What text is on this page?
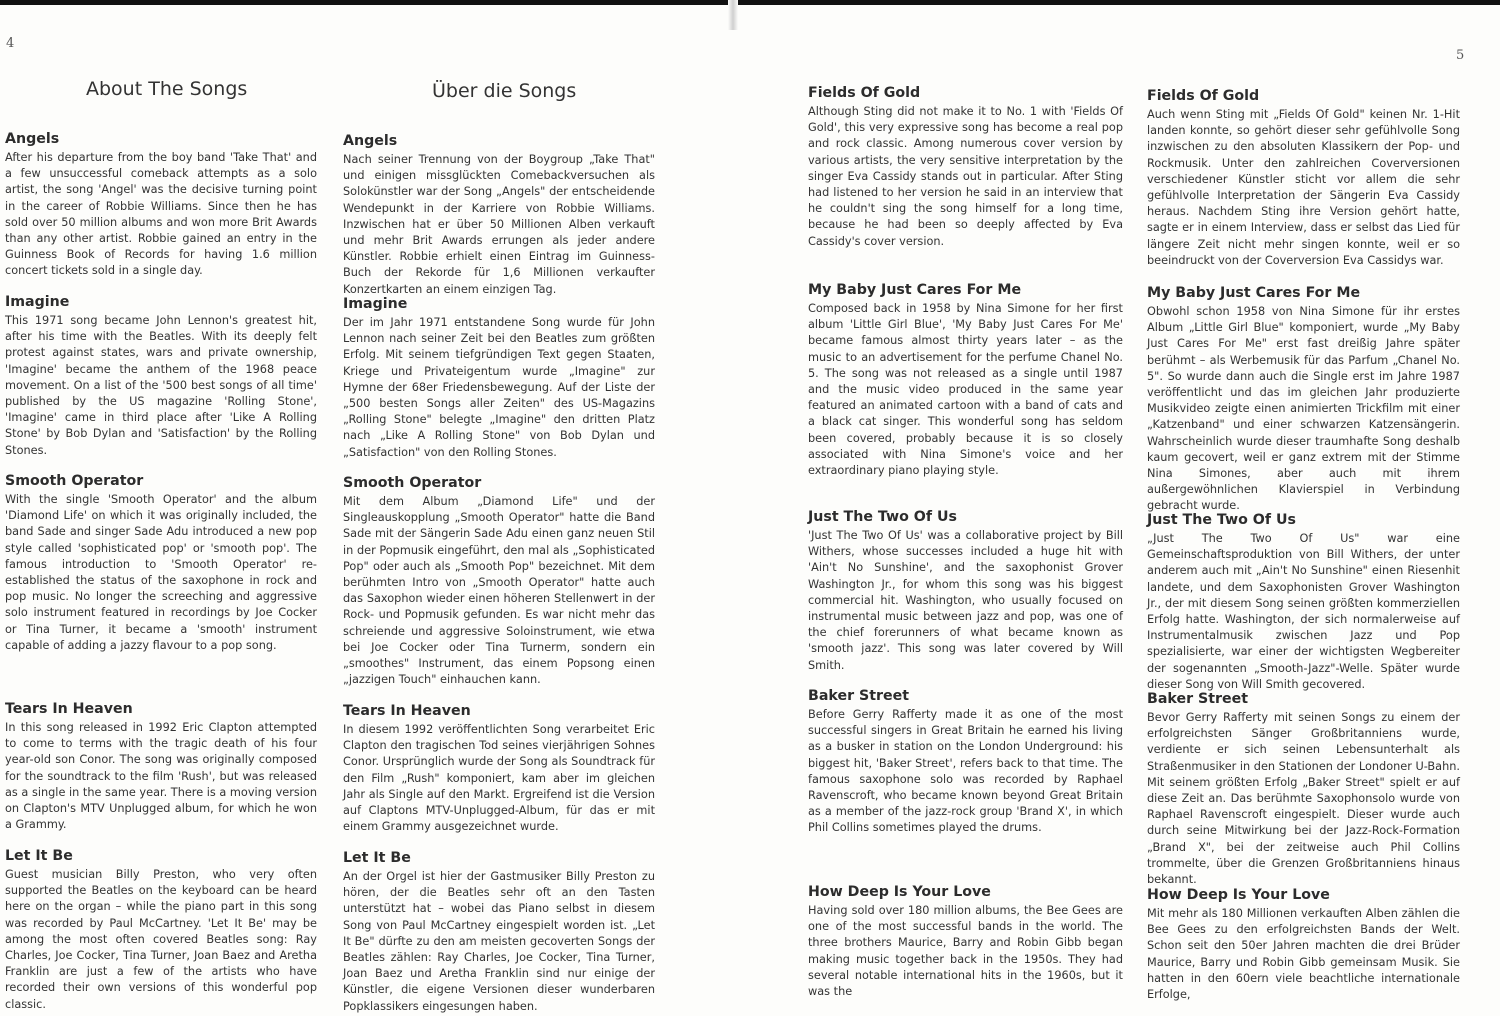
4
5
About The Songs
Angels

After his departure from the boy band 'Take That' and a few unsuccessful comeback attempts as a solo artist, the song 'Angel' was the decisive turning point in the career of Robbie Williams. Since then he has sold over 50 million albums and won more Brit Awards than any other artist. Robbie gained an entry in the Guinness Book of Records for having 1.6 million concert tickets sold in a single day.

Imagine

This 1971 song became John Lennon's greatest hit, after his time with the Beatles. With its deeply felt protest against states, wars and private ownership, 'Imagine' became the anthem of the 1968 peace movement. On a list of the '500 best songs of all time' published by the US magazine 'Rolling Stone', 'Imagine' came in third place after 'Like A Rolling Stone' by Bob Dylan and 'Satisfaction' by the Rolling Stones.

Smooth Operator

With the single 'Smooth Operator' and the album 'Diamond Life' on which it was originally included, the band Sade and singer Sade Adu introduced a new pop style called 'sophisticated pop' or 'smooth pop'. The famous introduction to 'Smooth Operator' re-established the status of the saxophone in rock and pop music. No longer the screeching and aggressive solo instrument featured in recordings by Joe Cocker or Tina Turner, it became a 'smooth' instrument capable of adding a jazzy flavour to a pop song.

Tears In Heaven

In this song released in 1992 Eric Clapton attempted to come to terms with the tragic death of his four year-old son Conor. The song was originally composed for the soundtrack to the film 'Rush', but was released as a single in the same year. There is a moving version on Clapton's MTV Unplugged album, for which he won a Grammy.

Let It Be

Guest musician Billy Preston, who very often supported the Beatles on the keyboard can be heard here on the organ – while the piano part in this song was recorded by Paul McCartney. 'Let It Be' may be among the most often covered Beatles song: Ray Charles, Joe Cocker, Tina Turner, Joan Baez and Aretha Franklin are just a few of the artists who have recorded their own versions of this wonderful pop classic.

Über die Songs
Angels

Nach seiner Trennung von der Boygroup „Take That" und einigen missglückten Comebackversuchen als Solokünstler war der Song „Angels" der entscheidende Wendepunkt in der Karriere von Robbie Williams. Inzwischen hat er über 50 Millionen Alben verkauft und mehr Brit Awards errungen als jeder andere Künstler. Robbie erhielt einen Eintrag im Guinness-Buch der Rekorde für 1,6 Millionen verkaufter Konzertkarten an einem einzigen Tag.

Imagine

Der im Jahr 1971 entstandene Song wurde für John Lennon nach seiner Zeit bei den Beatles zum größten Erfolg. Mit seinem tiefgründigen Text gegen Staaten, Kriege und Privateigentum wurde „Imagine" zur Hymne der 68er Friedensbewegung. Auf der Liste der „500 besten Songs aller Zeiten" des US-Magazins „Rolling Stone" belegte „Imagine" den dritten Platz nach „Like A Rolling Stone" von Bob Dylan und „Satisfaction" von den Rolling Stones.

Smooth Operator

Mit dem Album „Diamond Life" und der Singleauskopplung „Smooth Operator" hatte die Band Sade mit der Sängerin Sade Adu einen ganz neuen Stil in der Popmusik eingeführt, den mal als „Sophisticated Pop" oder auch als „Smooth Pop" bezeichnet. Mit dem berühmten Intro von „Smooth Operator" hatte auch das Saxophon wieder einen höheren Stellenwert in der Rock- und Popmusik gefunden. Es war nicht mehr das schreiende und aggressive Soloinstrument, wie etwa bei Joe Cocker oder Tina Turnerm, sondern ein „smoothes" Instrument, das einem Popsong einen „jazzigen Touch" einhauchen kann.

Tears In Heaven

In diesem 1992 veröffentlichten Song verarbeitet Eric Clapton den tragischen Tod seines vierjährigen Sohnes Conor. Ursprünglich wurde der Song als Soundtrack für den Film „Rush" komponiert, kam aber im gleichen Jahr als Single auf den Markt. Ergreifend ist die Version auf Claptons MTV-Unplugged-Album, für das er mit einem Grammy ausgezeichnet wurde.

Let It Be

An der Orgel ist hier der Gastmusiker Billy Preston zu hören, der die Beatles sehr oft an den Tasten unterstützt hat – wobei das Piano selbst in diesem Song von Paul McCartney eingespielt worden ist. „Let It Be" dürfte zu den am meisten gecoverten Songs der Beatles zählen: Ray Charles, Joe Cocker, Tina Turner, Joan Baez und Aretha Franklin sind nur einige der Künstler, die eigene Versionen dieser wunderbaren Popklassikers eingesungen haben.

Fields Of Gold

Although Sting did not make it to No. 1 with 'Fields Of Gold', this very expressive song has become a real pop and rock classic. Among numerous cover version by various artists, the very sensitive interpretation by the singer Eva Cassidy stands out in particular. After Sting had listened to her version he said in an interview that he couldn't sing the song himself for a long time, because he had been so deeply affected by Eva Cassidy's cover version.

My Baby Just Cares For Me

Composed back in 1958 by Nina Simone for her first album 'Little Girl Blue', 'My Baby Just Cares For Me' became famous almost thirty years later – as the music to an advertisement for the perfume Chanel No. 5. The song was not released as a single until 1987 and the music video produced in the same year featured an animated cartoon with a band of cats and a black cat singer. This wonderful song has seldom been covered, probably because it is so closely associated with Nina Simone's voice and her extraordinary piano playing style.

Just The Two Of Us

'Just The Two Of Us' was a collaborative project by Bill Withers, whose successes included a huge hit with 'Ain't No Sunshine', and the saxophonist Grover Washington Jr., for whom this song was his biggest commercial hit. Washington, who usually focused on instrumental music between jazz and pop, was one of the chief forerunners of what became known as 'smooth jazz'. This song was later covered by Will Smith.

Baker Street

Before Gerry Rafferty made it as one of the most successful singers in Great Britain he earned his living as a busker in station on the London Underground: his biggest hit, 'Baker Street', refers back to that time. The famous saxophone solo was recorded by Raphael Ravenscroft, who became known beyond Great Britain as a member of the jazz-rock group 'Brand X', in which Phil Collins sometimes played the drums.

How Deep Is Your Love

Having sold over 180 million albums, the Bee Gees are one of the most successful bands in the world. The three brothers Maurice, Barry and Robin Gibb began making music together back in the 1950s. They had several notable international hits in the 1960s, but it was the

Fields Of Gold

Auch wenn Sting mit „Fields Of Gold" keinen Nr. 1-Hit landen konnte, so gehört dieser sehr gefühlvolle Song inzwischen zu den absoluten Klassikern der Pop- und Rockmusik. Unter den zahlreichen Coverversionen verschiedener Künstler sticht vor allem die sehr gefühlvolle Interpretation der Sängerin Eva Cassidy heraus. Nachdem Sting ihre Version gehört hatte, sagte er in einem Interview, dass er selbst das Lied für längere Zeit nicht mehr singen konnte, weil er so beeindruckt von der Coverversion Eva Cassidys war.

My Baby Just Cares For Me

Obwohl schon 1958 von Nina Simone für ihr erstes Album „Little Girl Blue" komponiert, wurde „My Baby Just Cares For Me" erst fast dreißig Jahre später berühmt – als Werbemusik für das Parfum „Chanel No. 5". So wurde dann auch die Single erst im Jahre 1987 veröffentlicht und das im gleichen Jahr produzierte Musikvideo zeigte einen animierten Trickfilm mit einer „Katzenband" und einer schwarzen Katzensängerin. Wahrscheinlich wurde dieser traumhafte Song deshalb kaum gecovert, weil er ganz extrem mit der Stimme Nina Simones, aber auch mit ihrem außergewöhnlichen Klavierspiel in Verbindung gebracht wurde.

Just The Two Of Us

„Just The Two Of Us" war eine Gemeinschaftsproduktion von Bill Withers, der unter anderem auch mit „Ain't No Sunshine" einen Riesenhit landete, und dem Saxophonisten Grover Washington Jr., der mit diesem Song seinen größten kommerziellen Erfolg hatte. Washington, der sich normalerweise auf Instrumentalmusik zwischen Jazz und Pop spezialisierte, war einer der wichtigsten Wegbereiter der sogenannten „Smooth-Jazz"-Welle. Später wurde dieser Song von Will Smith gecovered.

Baker Street

Bevor Gerry Rafferty mit seinen Songs zu einem der erfolgreichsten Sänger Großbritanniens wurde, verdiente er sich seinen Lebensunterhalt als Straßenmusiker in den Stationen der Londoner U-Bahn. Mit seinem größten Erfolg „Baker Street" spielt er auf diese Zeit an. Das berühmte Saxophonsolo wurde von Raphael Ravenscroft eingespielt. Dieser wurde auch durch seine Mitwirkung bei der Jazz-Rock-Formation „Brand X", bei der zeitweise auch Phil Collins trommelte, über die Grenzen Großbritanniens hinaus bekannt.

How Deep Is Your Love

Mit mehr als 180 Millionen verkauften Alben zählen die Bee Gees zu den erfolgreichsten Bands der Welt. Schon seit den 50er Jahren machten die drei Brüder Maurice, Barry und Robin Gibb gemeinsam Musik. Sie hatten in den 60ern viele beachtliche internationale Erfolge,
